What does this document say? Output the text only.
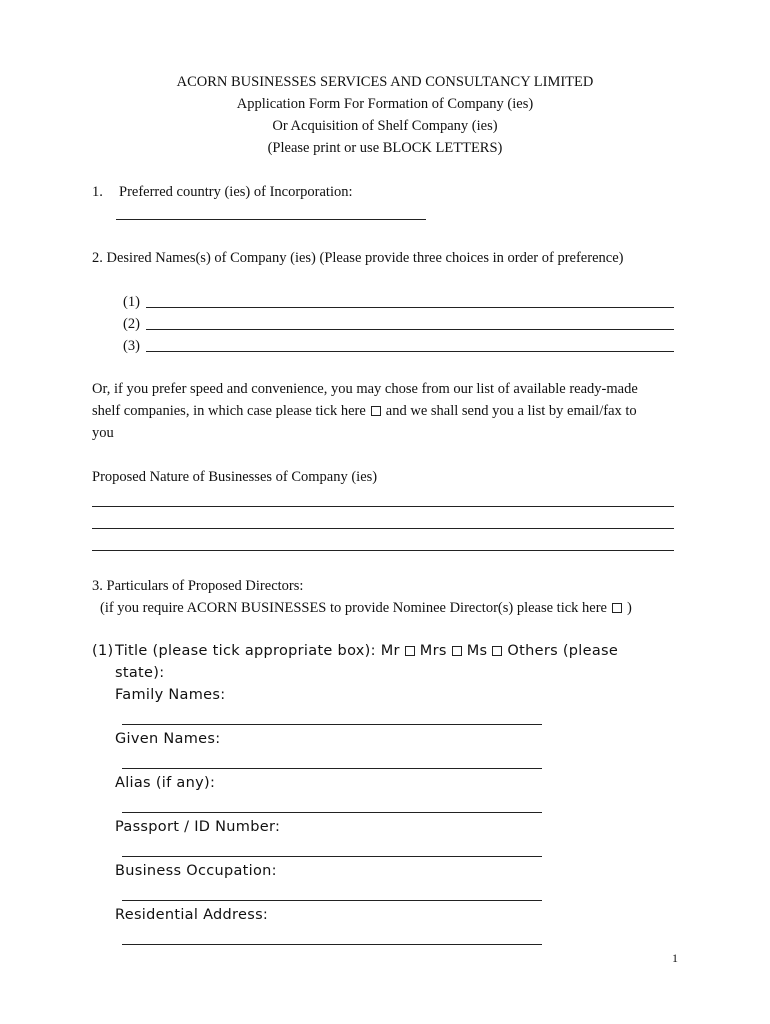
ACORN BUSINESSES SERVICES AND CONSULTANCY LIMITED
Application Form For Formation of Company (ies)
Or Acquisition of Shelf Company (ies)
(Please print or use BLOCK LETTERS)
1. Preferred country (ies) of Incorporation:
2. Desired Names(s) of Company (ies) (Please provide three choices in order of preference)
(1)
(2)
(3)
Or, if you prefer speed and convenience, you may chose from our list of available ready-made
shelf companies, in which case please tick here and we shall send you a list by email/fax to
you
Proposed Nature of Businesses of Company (ies)
3. Particulars of Proposed Directors:
(if you require ACORN BUSINESSES to provide Nominee Director(s) please tick here )
(1) Title (please tick appropriate box): Mr Mrs Ms Others (please
state):
Family Names:
Given Names:
Alias (if any):
Passport / ID Number:
Business Occupation:
Residential Address:
1
